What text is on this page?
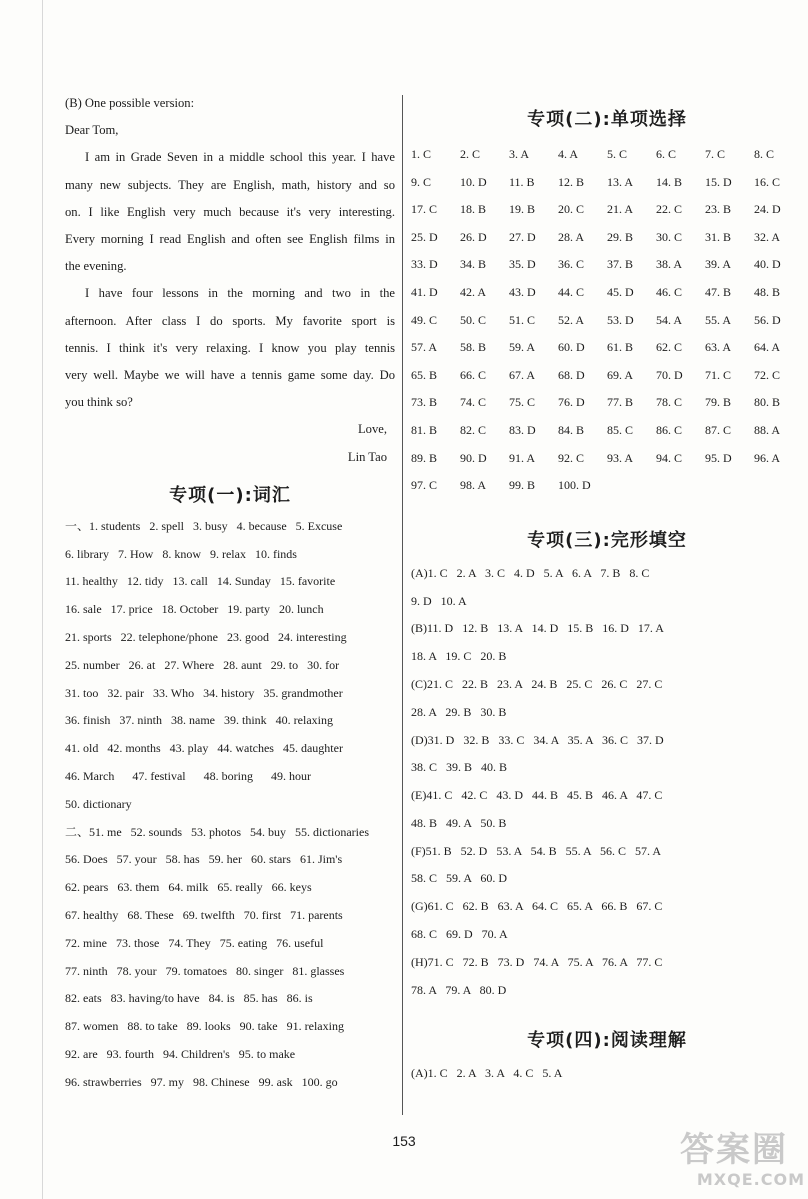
(B) One possible version:
Dear Tom,
I am in Grade Seven in a middle school this year. I have
many new subjects. They are English, math, history and so
on. I like English very much because it's very interesting.
Every morning I read English and often see English films in
the evening.
I have four lessons in the morning and two in the
afternoon. After class I do sports. My favorite sport is
tennis. I think it's very relaxing. I know you play tennis
very well. Maybe we will have a tennis game some day. Do
you think so?
Love,
Lin Tao
专项(一):词汇
一、1. students   2. spell   3. busy   4. because   5. Excuse
6. library   7. How   8. know   9. relax   10. finds
11. healthy   12. tidy   13. call   14. Sunday   15. favorite
16. sale   17. price   18. October   19. party   20. lunch
21. sports   22. telephone/phone   23. good   24. interesting
25. number   26. at   27. Where   28. aunt   29. to   30. for
31. too   32. pair   33. Who   34. history   35. grandmother
36. finish   37. ninth   38. name   39. think   40. relaxing
41. old   42. months   43. play   44. watches   45. daughter
46. March      47. festival      48. boring      49. hour
50. dictionary
二、51. me   52. sounds   53. photos   54. buy   55. dictionaries
56. Does   57. your   58. has   59. her   60. stars   61. Jim's
62. pears   63. them   64. milk   65. really   66. keys
67. healthy   68. These   69. twelfth   70. first   71. parents
72. mine   73. those   74. They   75. eating   76. useful
77. ninth   78. your   79. tomatoes   80. singer   81. glasses
82. eats   83. having/to have   84. is   85. has   86. is
87. women   88. to take   89. looks   90. take   91. relaxing
92. are   93. fourth   94. Children's   95. to make
96. strawberries   97. my   98. Chinese   99. ask   100. go
专项(二):单项选择
1. C	2. C	3. A	4. A	5. C	6. C	7. C	8. C
9. C	10. D	11. B	12. B	13. A	14. B	15. D	16. C
17. C	18. B	19. B	20. C	21. A	22. C	23. B	24. D
25. D	26. D	27. D	28. A	29. B	30. C	31. B	32. A
33. D	34. B	35. D	36. C	37. B	38. A	39. A	40. D
41. D	42. A	43. D	44. C	45. D	46. C	47. B	48. B
49. C	50. C	51. C	52. A	53. D	54. A	55. A	56. D
57. A	58. B	59. A	60. D	61. B	62. C	63. A	64. A
65. B	66. C	67. A	68. D	69. A	70. D	71. C	72. C
73. B	74. C	75. C	76. D	77. B	78. C	79. B	80. B
81. B	82. C	83. D	84. B	85. C	86. C	87. C	88. A
89. B	90. D	91. A	92. C	93. A	94. C	95. D	96. A
97. C	98. A	99. B	100. D
专项(三):完形填空
(A)1. C   2. A   3. C   4. D   5. A   6. A   7. B   8. C
9. D   10. A
(B)11. D   12. B   13. A   14. D   15. B   16. D   17. A
18. A   19. C   20. B
(C)21. C   22. B   23. A   24. B   25. C   26. C   27. C
28. A   29. B   30. B
(D)31. D   32. B   33. C   34. A   35. A   36. C   37. D
38. C   39. B   40. B
(E)41. C   42. C   43. D   44. B   45. B   46. A   47. C
48. B   49. A   50. B
(F)51. B   52. D   53. A   54. B   55. A   56. C   57. A
58. C   59. A   60. D
(G)61. C   62. B   63. A   64. C   65. A   66. B   67. C
68. C   69. D   70. A
(H)71. C   72. B   73. D   74. A   75. A   76. A   77. C
78. A   79. A   80. D
专项(四):阅读理解
(A)1. C   2. A   3. A   4. C   5. A
153	答案圈
MXQE.COM
